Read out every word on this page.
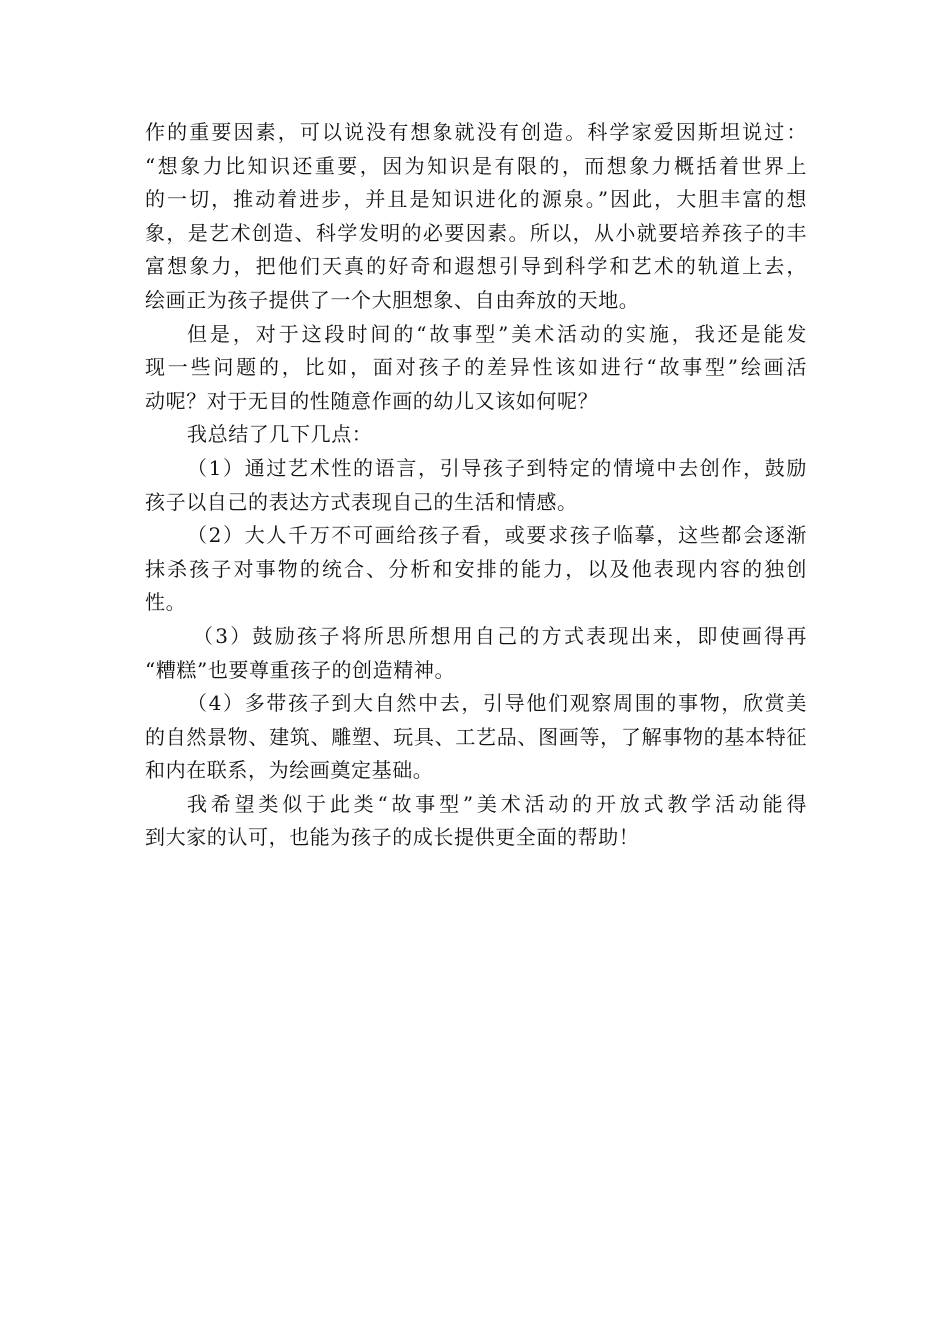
作的重要因素，可以说没有想象就没有创造。科学家爱因斯坦说过：
“想象力比知识还重要，因为知识是有限的，而想象力概括着世界上
的一切，推动着进步，并且是知识进化的源泉。”因此，大胆丰富的想
象，是艺术创造、科学发明的必要因素。所以，从小就要培养孩子的丰
富想象力，把他们天真的好奇和遐想引导到科学和艺术的轨道上去，
绘画正为孩子提供了一个大胆想象、自由奔放的天地。
但是，对于这段时间的“故事型”美术活动的实施，我还是能发
现一些问题的，比如，面对孩子的差异性该如进行“故事型”绘画活
动呢？对于无目的性随意作画的幼儿又该如何呢？
我总结了几下几点：
（1）通过艺术性的语言，引导孩子到特定的情境中去创作，鼓励
孩子以自己的表达方式表现自己的生活和情感。
（2）大人千万不可画给孩子看，或要求孩子临摹，这些都会逐渐
抹杀孩子对事物的统合、分析和安排的能力，以及他表现内容的独创
性。
（3）鼓励孩子将所思所想用自己的方式表现出来，即使画得再
“糟糕”也要尊重孩子的创造精神。
（4）多带孩子到大自然中去，引导他们观察周围的事物，欣赏美
的自然景物、建筑、雕塑、玩具、工艺品、图画等，了解事物的基本特征
和内在联系，为绘画奠定基础。
我希望类似于此类“故事型”美术活动的开放式教学活动能得
到大家的认可，也能为孩子的成长提供更全面的帮助！
